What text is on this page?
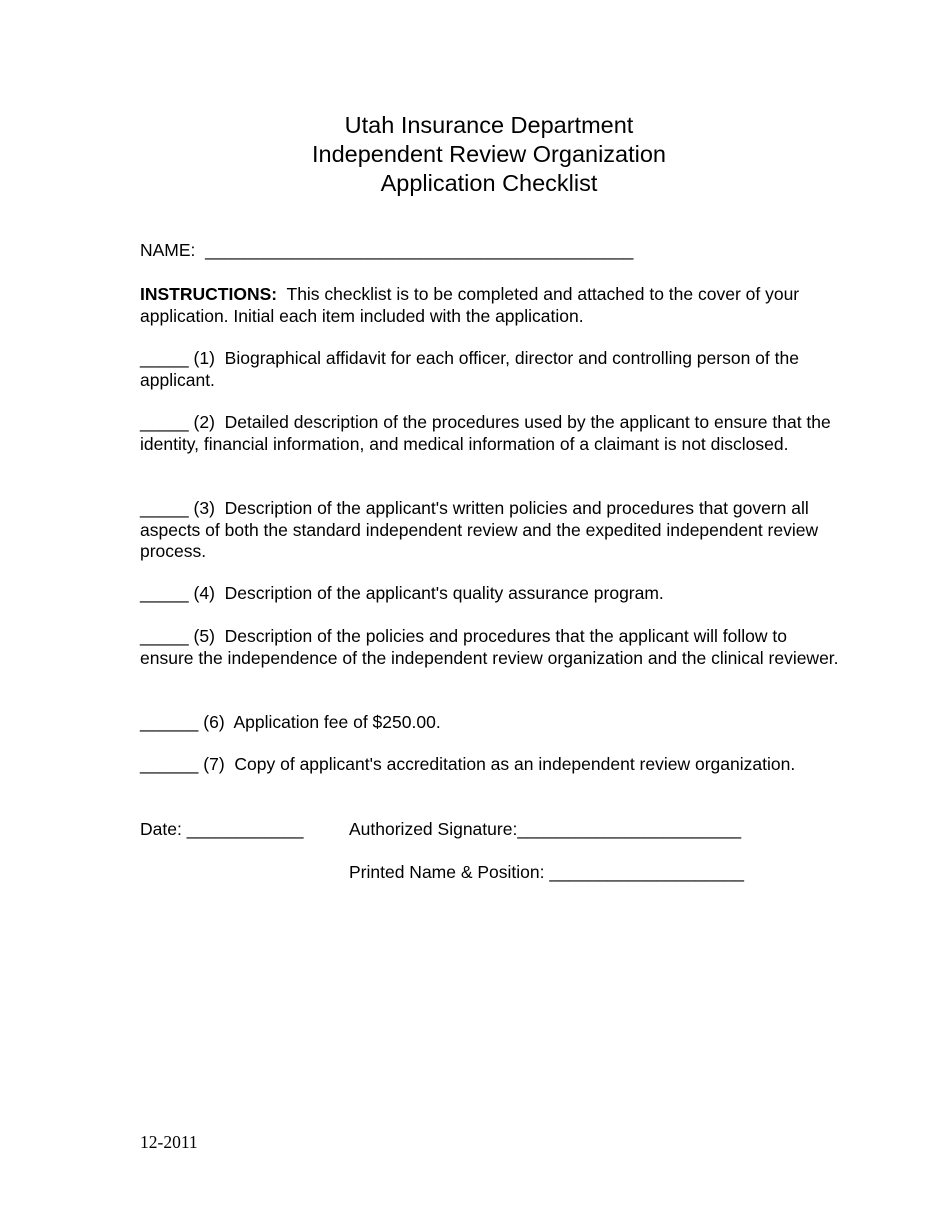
Utah Insurance Department
Independent Review Organization
Application Checklist
NAME: ____________________________________________
INSTRUCTIONS: This checklist is to be completed and attached to the cover of your application. Initial each item included with the application.
_____ (1) Biographical affidavit for each officer, director and controlling person of the applicant.
_____ (2) Detailed description of the procedures used by the applicant to ensure that the identity, financial information, and medical information of a claimant is not disclosed.
_____ (3) Description of the applicant's written policies and procedures that govern all aspects of both the standard independent review and the expedited independent review process.
_____ (4) Description of the applicant's quality assurance program.
_____ (5) Description of the policies and procedures that the applicant will follow to ensure the independence of the independent review organization and the clinical reviewer.
______ (6) Application fee of $250.00.
______ (7) Copy of applicant's accreditation as an independent review organization.
Date: ____________	Authorized Signature:_______________________
Printed Name & Position: ____________________
12-2011
